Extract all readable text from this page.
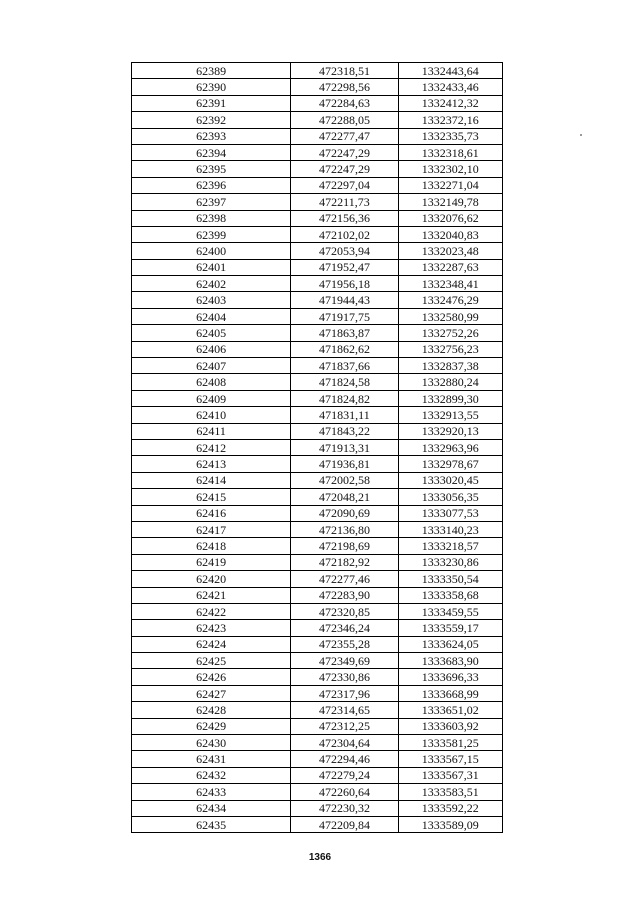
62389	472318,51	1332443,64
62390	472298,56	1332433,46
62391	472284,63	1332412,32
62392	472288,05	1332372,16
62393	472277,47	1332335,73
62394	472247,29	1332318,61
62395	472247,29	1332302,10
62396	472297,04	1332271,04
62397	472211,73	1332149,78
62398	472156,36	1332076,62
62399	472102,02	1332040,83
62400	472053,94	1332023,48
62401	471952,47	1332287,63
62402	471956,18	1332348,41
62403	471944,43	1332476,29
62404	471917,75	1332580,99
62405	471863,87	1332752,26
62406	471862,62	1332756,23
62407	471837,66	1332837,38
62408	471824,58	1332880,24
62409	471824,82	1332899,30
62410	471831,11	1332913,55
62411	471843,22	1332920,13
62412	471913,31	1332963,96
62413	471936,81	1332978,67
62414	472002,58	1333020,45
62415	472048,21	1333056,35
62416	472090,69	1333077,53
62417	472136,80	1333140,23
62418	472198,69	1333218,57
62419	472182,92	1333230,86
62420	472277,46	1333350,54
62421	472283,90	1333358,68
62422	472320,85	1333459,55
62423	472346,24	1333559,17
62424	472355,28	1333624,05
62425	472349,69	1333683,90
62426	472330,86	1333696,33
62427	472317,96	1333668,99
62428	472314,65	1333651,02
62429	472312,25	1333603,92
62430	472304,64	1333581,25
62431	472294,46	1333567,15
62432	472279,24	1333567,31
62433	472260,64	1333583,51
62434	472230,32	1333592,22
62435	472209,84	1333589,09
1366
